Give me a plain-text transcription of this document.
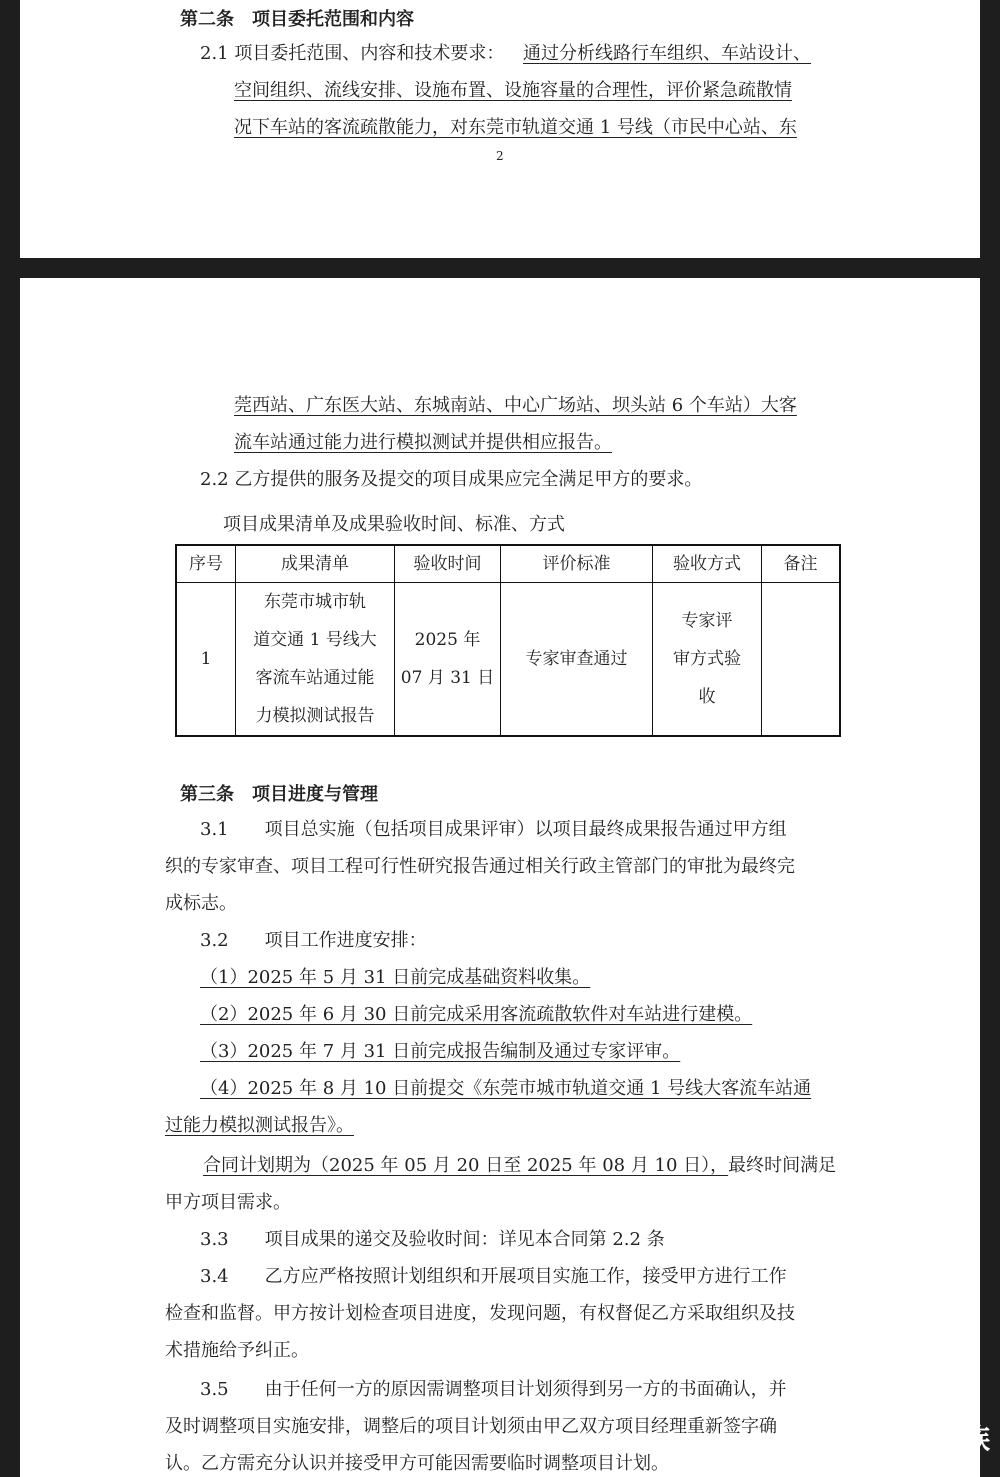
第二条　项目委托范围和内容
2.1 项目委托范围、内容和技术要求： 通过分析线路行车组织、车站设计、
空间组织、流线安排、设施布置、设施容量的合理性，评价紧急疏散情
况下车站的客流疏散能力，对东莞市轨道交通 1 号线（市民中心站、东
2
莞西站、广东医大站、东城南站、中心广场站、坝头站 6 个车站）大客
流车站通过能力进行模拟测试并提供相应报告。
2.2 乙方提供的服务及提交的项目成果应完全满足甲方的要求。
项目成果清单及成果验收时间、标准、方式
序号	成果清单	验收时间	评价标准	验收方式	备注
1	东莞市城市轨
道交通 1 号线大
客流车站通过能
力模拟测试报告	2025 年
07 月 31 日	专家审查通过	专家评
审方式验
收	

第三条　项目进度与管理
3.1　　项目总实施（包括项目成果评审）以项目最终成果报告通过甲方组
织的专家审查、项目工程可行性研究报告通过相关行政主管部门的审批为最终完
成标志。
3.2　　项目工作进度安排：
（1）2025 年 5 月 31 日前完成基础资料收集。
（2）2025 年 6 月 30 日前完成采用客流疏散软件对车站进行建模。
（3）2025 年 7 月 31 日前完成报告编制及通过专家评审。
（4）2025 年 8 月 10 日前提交《东莞市城市轨道交通 1 号线大客流车站通
过能力模拟测试报告》。
合同计划期为（2025 年 05 月 20 日至 2025 年 08 月 10 日），最终时间满足
甲方项目需求。
3.3　　项目成果的递交及验收时间：详见本合同第 2.2 条
3.4　　乙方应严格按照计划组织和开展项目实施工作，接受甲方进行工作
检查和监督。甲方按计划检查项目进度，发现问题，有权督促乙方采取组织及技
术措施给予纠正。
3.5　　由于任何一方的原因需调整项目计划须得到另一方的书面确认，并
及时调整项目实施安排，调整后的项目计划须由甲乙双方项目经理重新签字确
认。乙方需充分认识并接受甲方可能因需要临时调整项目计划。
地铁e族
ditiee.com
